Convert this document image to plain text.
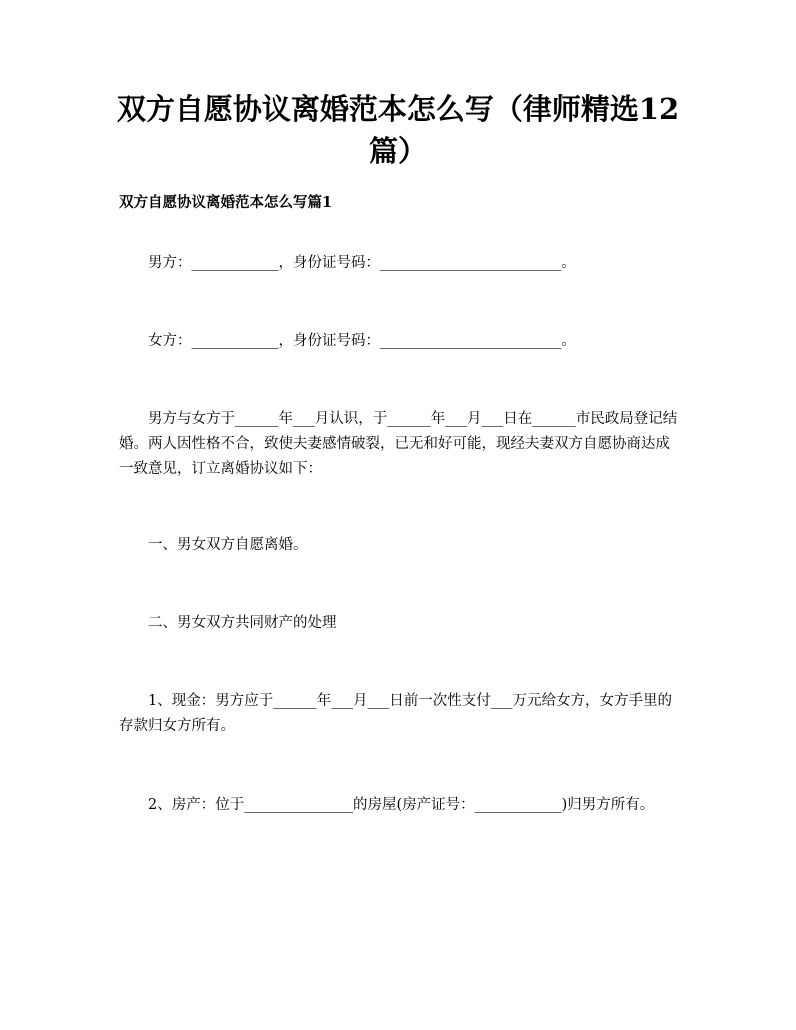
双方自愿协议离婚范本怎么写（律师精选12篇）
双方自愿协议离婚范本怎么写篇1
男方：____________，身份证号码：_________________________。
女方：____________，身份证号码：_________________________。
男方与女方于______年___月认识，于______年___月___日在______市民政局登记结婚。两人因性格不合，致使夫妻感情破裂，已无和好可能，现经夫妻双方自愿协商达成一致意见，订立离婚协议如下：
一、男女双方自愿离婚。
二、男女双方共同财产的处理
1、现金：男方应于______年___月___日前一次性支付___万元给女方，女方手里的存款归女方所有。
2、房产：位于_______________的房屋(房产证号：____________)归男方所有。
